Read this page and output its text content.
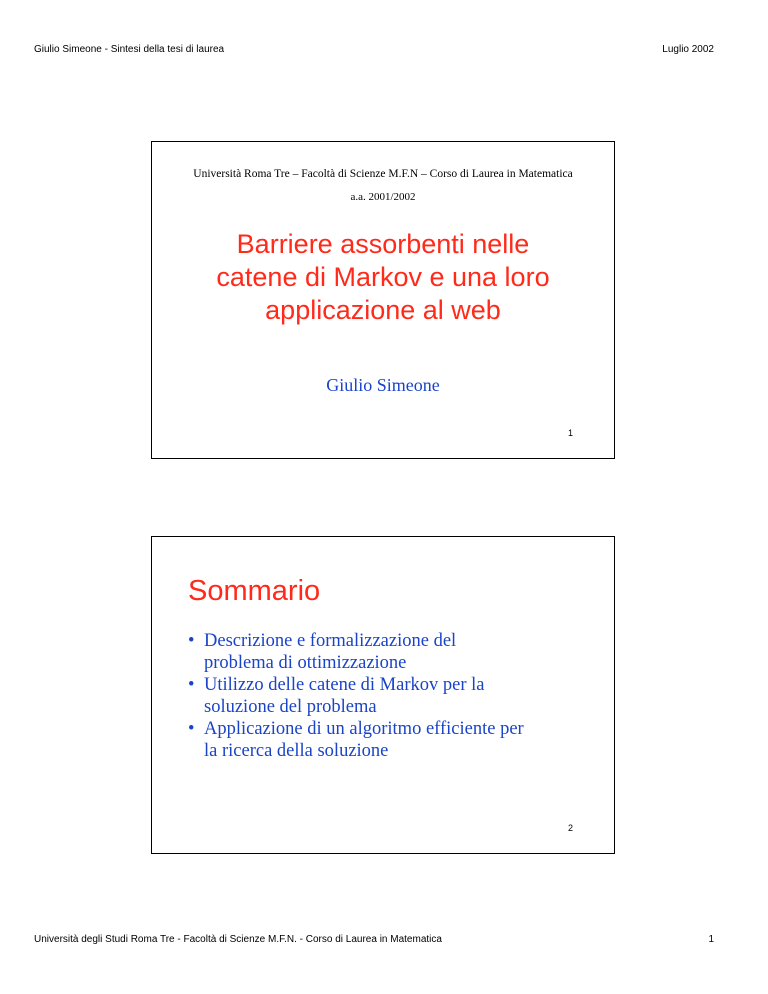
Giulio Simeone - Sintesi della tesi di laurea	Luglio 2002
Università Roma Tre – Facoltà di Scienze M.F.N – Corso di Laurea in Matematica
a.a. 2001/2002
Barriere assorbenti nelle
catene di Markov e una loro
applicazione al web
Giulio Simeone
1
Sommario
• Descrizione e formalizzazione del
problema di ottimizzazione
• Utilizzo delle catene di Markov per la
soluzione del problema
• Applicazione di un algoritmo efficiente per
la ricerca della soluzione
2
Università degli Studi Roma Tre - Facoltà di Scienze M.F.N. - Corso di Laurea in Matematica	1
